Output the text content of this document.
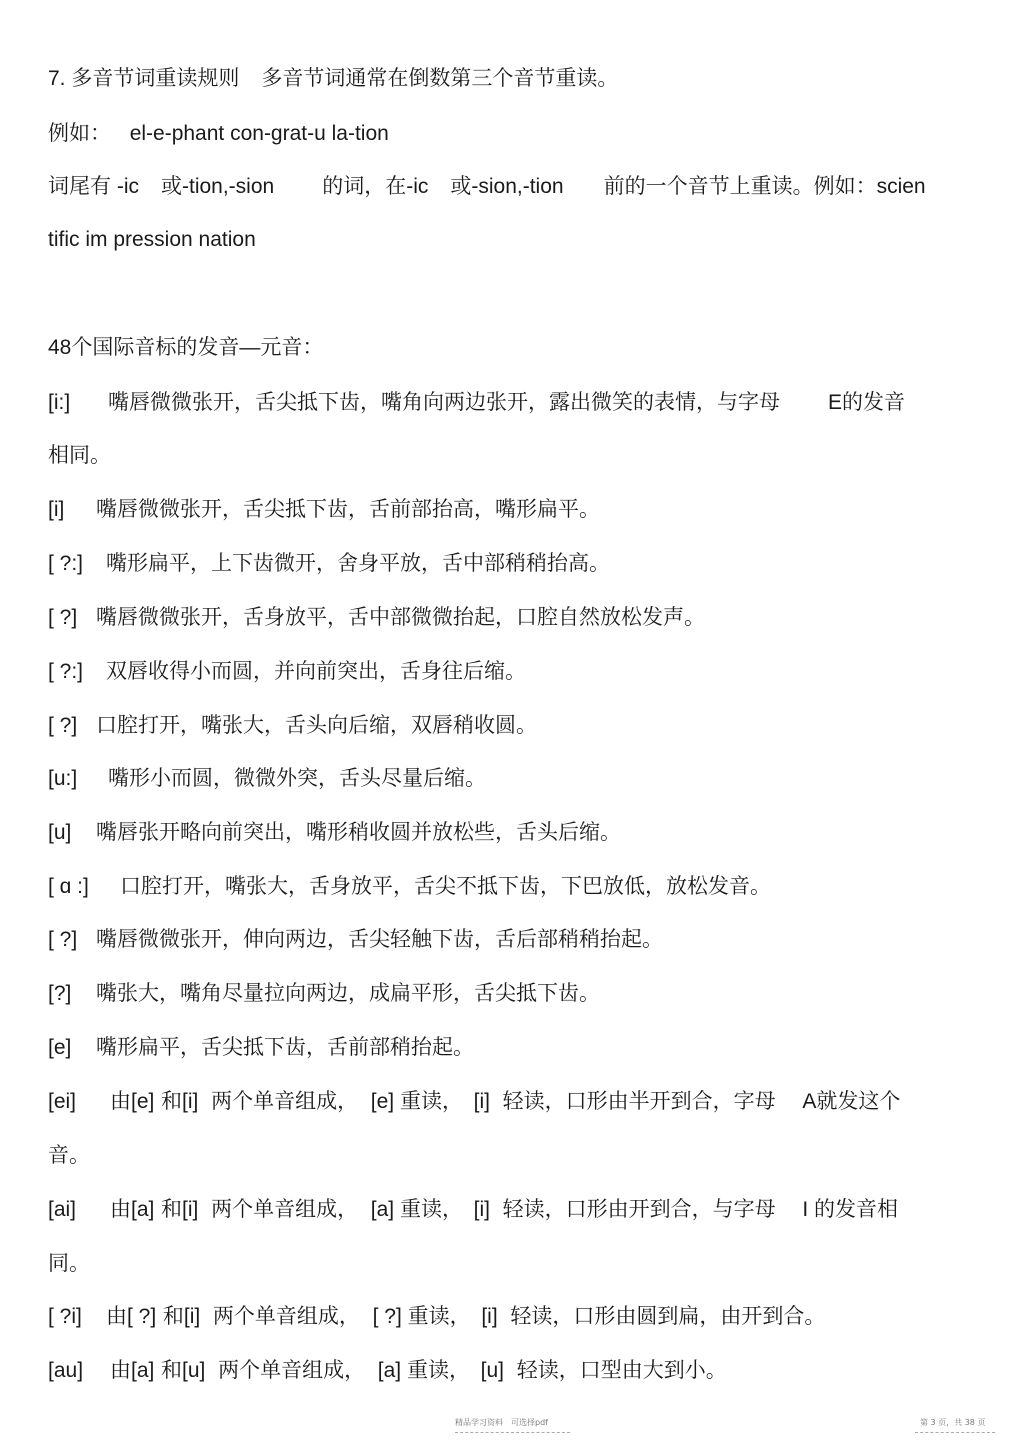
7. 多音节词重读规则 多音节词通常在倒数第三个音节重读。
例如： el-e-phant con-grat-u la-tion
词尾有 -ic 或-tion,-sion 的词，在-ic 或-sion,-tion 前的一个音节上重读。例如：scien
tific im pression nation
48个国际音标的发音—元音：
[i:] 嘴唇微微张开，舌尖抵下齿，嘴角向两边张开，露出微笑的表情，与字母 E的发音
相同。
[i] 嘴唇微微张开，舌尖抵下齿，舌前部抬高，嘴形扁平。
[ ?:] 嘴形扁平，上下齿微开，舍身平放，舌中部稍稍抬高。
[ ?] 嘴唇微微张开，舌身放平，舌中部微微抬起，口腔自然放松发声。
[ ?:] 双唇收得小而圆，并向前突出，舌身往后缩。
[ ?] 口腔打开，嘴张大，舌头向后缩，双唇稍收圆。
[u:] 嘴形小而圆，微微外突，舌头尽量后缩。
[u] 嘴唇张开略向前突出，嘴形稍收圆并放松些，舌头后缩。
[ ɑ :] 口腔打开，嘴张大，舌身放平，舌尖不抵下齿，下巴放低，放松发音。
[ ?] 嘴唇微微张开，伸向两边，舌尖轻触下齿，舌后部稍稍抬起。
[?] 嘴张大，嘴角尽量拉向两边，成扁平形，舌尖抵下齿。
[e] 嘴形扁平，舌尖抵下齿，舌前部稍抬起。
[ei] 由[e] 和[i] 两个单音组成， [e] 重读， [i] 轻读，口形由半开到合，字母 A就发这个
音。
[ai] 由[a] 和[i] 两个单音组成， [a] 重读， [i] 轻读，口形由开到合，与字母 I 的发音相
同。
[ ?i] 由[ ?] 和[i] 两个单音组成， [ ?] 重读， [i] 轻读，口形由圆到扁，由开到合。
[au] 由[a] 和[u] 两个单音组成， [a] 重读， [u] 轻读，口型由大到小。
精品学习资料　可选择pdf	第 3 页，共 38 页
